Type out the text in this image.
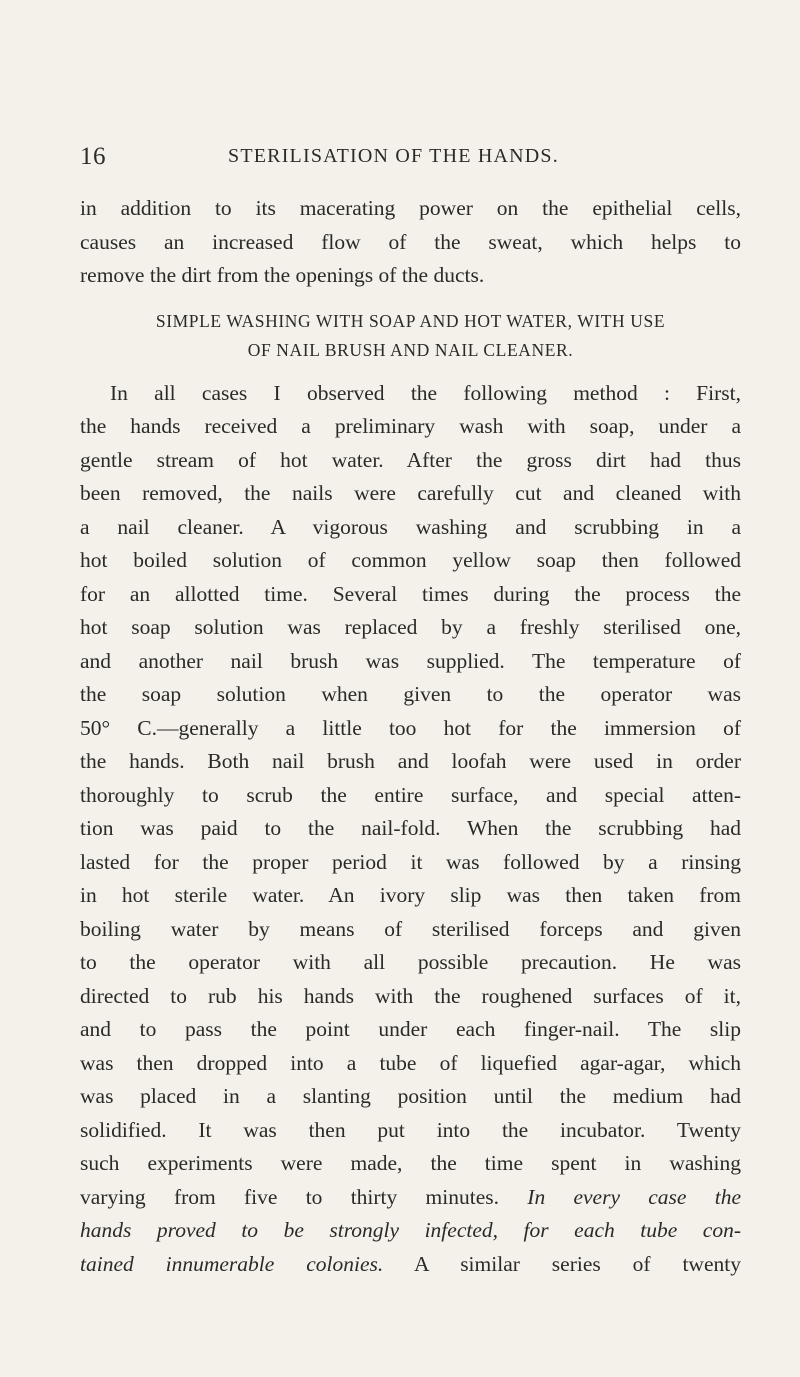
16	STERILISATION OF THE HANDS.
in addition to its macerating power on the epithelial cells,
causes an increased flow of the sweat, which helps to
remove the dirt from the openings of the ducts.
SIMPLE WASHING WITH SOAP AND HOT WATER, WITH USE
OF NAIL BRUSH AND NAIL CLEANER.
In all cases I observed the following method : First,
the hands received a preliminary wash with soap, under a
gentle stream of hot water. After the gross dirt had thus
been removed, the nails were carefully cut and cleaned with
a nail cleaner. A vigorous washing and scrubbing in a
hot boiled solution of common yellow soap then followed
for an allotted time. Several times during the process the
hot soap solution was replaced by a freshly sterilised one,
and another nail brush was supplied. The temperature of
the soap solution when given to the operator was
50° C.—generally a little too hot for the immersion of
the hands. Both nail brush and loofah were used in order
thoroughly to scrub the entire surface, and special atten-
tion was paid to the nail-fold. When the scrubbing had
lasted for the proper period it was followed by a rinsing
in hot sterile water. An ivory slip was then taken from
boiling water by means of sterilised forceps and given
to the operator with all possible precaution. He was
directed to rub his hands with the roughened surfaces of it,
and to pass the point under each finger-nail. The slip
was then dropped into a tube of liquefied agar-agar, which
was placed in a slanting position until the medium had
solidified. It was then put into the incubator. Twenty
such experiments were made, the time spent in washing
varying from five to thirty minutes. In every case the
hands proved to be strongly infected, for each tube con-
tained innumerable colonies. A similar series of twenty
